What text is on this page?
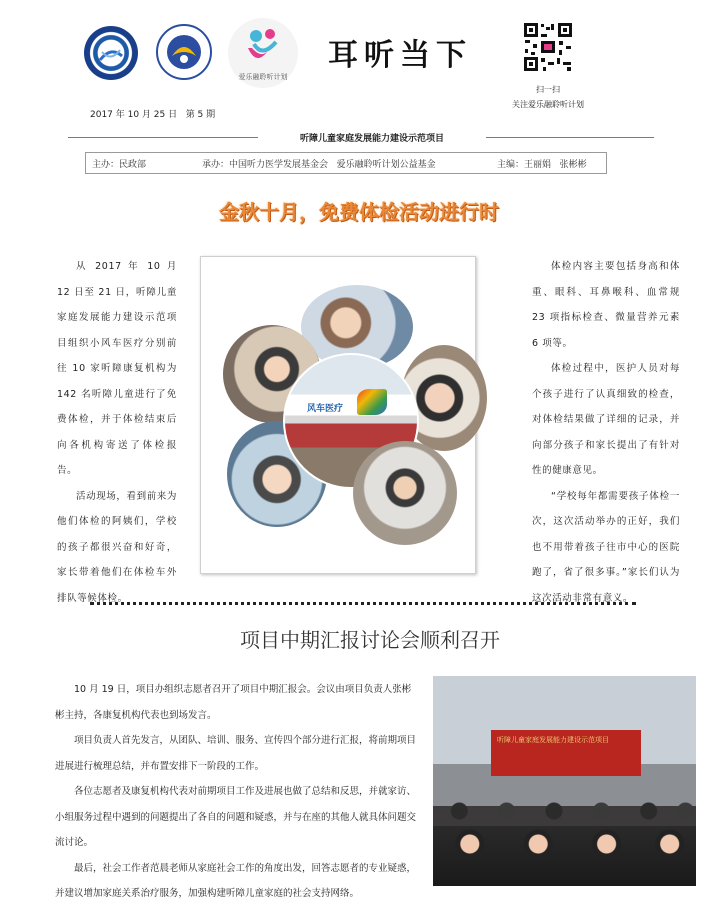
爱乐融聆听计划
耳听当下
扫一扫
关注爱乐融聆听计划
2017 年 10 月 25 日   第 5 期
听障儿童家庭发展能力建设示范项目
主办：民政部	承办：中国听力医学发展基金会   爱乐融聆听计划公益基金	主编：王丽娟   张彬彬
金秋十月，免费体检活动进行时

从 2017 年 10 月 12 日至 21 日，听障儿童家庭发展能力建设示范项目组织小风车医疗分别前往 10 家听障康复机构为 142 名听障儿童进行了免费体检，并于体检结束后向各机构寄送了体检报告。

活动现场，看到前来为他们体检的阿姨们，学校的孩子都很兴奋和好奇，家长带着他们在体检车外排队等候体检。

风车医疗

体检内容主要包括身高和体重、眼科、耳鼻喉科、血常规 23 项指标检查、微量营养元素 6 项等。

体检过程中，医护人员对每个孩子进行了认真细致的检查，对体检结果做了详细的记录，并向部分孩子和家长提出了有针对性的健康意见。

“学校每年都需要孩子体检一次，这次活动举办的正好，我们也不用带着孩子往市中心的医院跑了，省了很多事。”家长们认为这次活动非常有意义。

项目中期汇报讨论会顺利召开

10 月 19 日，项目办组织志愿者召开了项目中期汇报会。会议由项目负责人张彬彬主持，各康复机构代表也到场发言。

项目负责人首先发言，从团队、培训、服务、宣传四个部分进行汇报，将前期项目进展进行梳理总结，并布置安排下一阶段的工作。

各位志愿者及康复机构代表对前期项目工作及进展也做了总结和反思，并就家访、小组服务过程中遇到的问题提出了各自的问题和疑惑，并与在座的其他人就具体问题交流讨论。

最后，社会工作者范晨老师从家庭社会工作的角度出发，回答志愿者的专业疑惑，并建议增加家庭关系治疗服务，加强构建听障儿童家庭的社会支持网络。

听障儿童家庭发展能力建设示范项目
